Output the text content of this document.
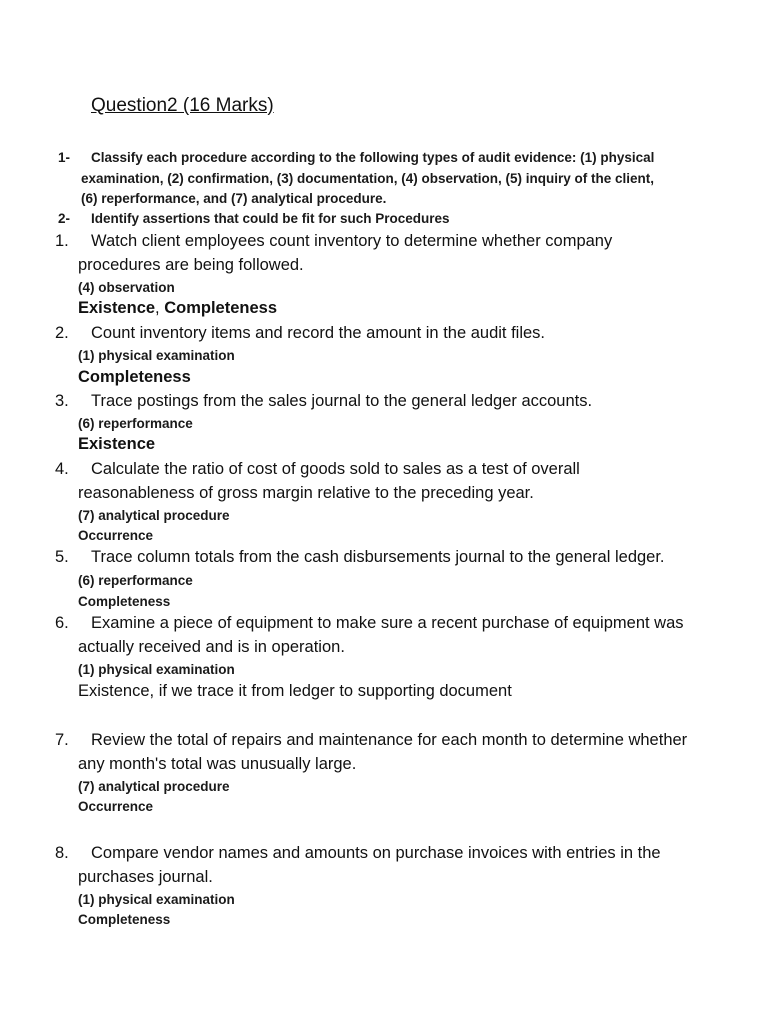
Question2 (16 Marks)
1- Classify each procedure according to the following types of audit evidence: (1) physical
examination, (2) confirmation, (3) documentation, (4) observation, (5) inquiry of the client,
(6) reperformance, and (7) analytical procedure.
2- Identify assertions that could be fit for such Procedures
1. Watch client employees count inventory to determine whether company
procedures are being followed.
(4) observation
Existence, Completeness
2. Count inventory items and record the amount in the audit files.
(1) physical examination
Completeness
3. Trace postings from the sales journal to the general ledger accounts.
(6) reperformance
Existence
4. Calculate the ratio of cost of goods sold to sales as a test of overall
reasonableness of gross margin relative to the preceding year.
(7) analytical procedure
Occurrence
5. Trace column totals from the cash disbursements journal to the general ledger.
(6) reperformance
Completeness
6. Examine a piece of equipment to make sure a recent purchase of equipment was
actually received and is in operation.
(1) physical examination
Existence, if we trace it from ledger to supporting document
7. Review the total of repairs and maintenance for each month to determine whether
any month's total was unusually large.
(7) analytical procedure
Occurrence
8. Compare vendor names and amounts on purchase invoices with entries in the
purchases journal.
(1) physical examination
Completeness
